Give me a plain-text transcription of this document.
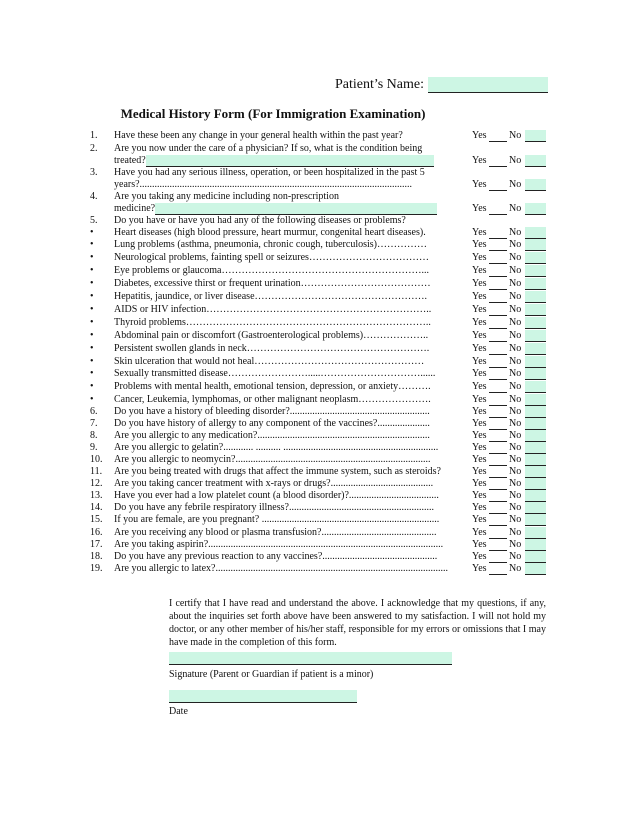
Patient’s Name:
Medical History Form (For Immigration Examination)
1.	Have these been any change in your general health within the past year?	Yes No
2.	Are you now under the care of a physician? If so, what is the condition being
treated?	Yes No
3.	Have you had any serious illness, operation, or been hospitalized in the past 5
years?.............................................................................................................	Yes No
4.	Are you taking any medicine including non-prescription
medicine?	Yes No
5.	Do you have or have you had any of the following diseases or problems?
•	Heart diseases (high blood pressure, heart murmur, congenital heart diseases).	Yes No
•	Lung problems (asthma, pneumonia, chronic cough, tuberculosis)……………	Yes No
•	Neurological problems, fainting spell or seizures………………………………	Yes No
•	Eye problems or glaucoma……………………………………………………...	Yes No
•	Diabetes, excessive thirst or frequent urination…………………………………	Yes No
•	Hepatitis, jaundice, or liver disease…………………………………………….	Yes No
•	AIDS or HIV infection…………………………………………………………..	Yes No
•	Thyroid problems………………………………………………………………..	Yes No
•	Abdominal pain or discomfort (Gastroenterological problems)………………..	Yes No
•	Persistent swollen glands in neck……………………………………………….	Yes No
•	Skin ulceration that would not heal……………………………………………	Yes No
•	Sexually transmitted disease…………………….....…………………………......	Yes No
•	Problems with mental health, emotional tension, depression, or anxiety……….	Yes No
•	Cancer, Leukemia, lymphomas, or other malignant neoplasm………………….	Yes No
6.	Do you have a history of bleeding disorder?........................................................	Yes No
7.	Do you have history of allergy to any component of the vaccines?.....................	Yes No
8.	Are you allergic to any medication?.....................................................................	Yes No
9.	Are you allergic to gelatin?............ .......... ..............................................................	Yes No
10.	Are you allergic to neomycin?..............................................................................	Yes No
11.	Are you being treated with drugs that affect the immune system, such as steroids?	Yes No
12.	Are you taking cancer treatment with x-rays or drugs?.........................................	Yes No
13.	Have you ever had a low platelet count (a blood disorder)?....................................	Yes No
14.	Do you have any febrile respiratory illness?..........................................................	Yes No
15.	If you are female, are you pregnant? .......................................................................	Yes No
16.	Are you receiving any blood or plasma transfusion?..............................................	Yes No
17.	Are you taking aspirin?..............................................................................................	Yes No
18.	Do you have any previous reaction to any vaccines?..............................................	Yes No
19.	Are you allergic to latex?.............................................................................................	Yes No
I certify that I have read and understand the above. I acknowledge that my questions, if any, about the inquiries set forth above have been answered to my satisfaction. I will not hold my doctor, or any other member of his/her staff, responsible for my errors or omissions that I may have made in the completion of this form.
Signature (Parent or Guardian if patient is a minor)
Date
